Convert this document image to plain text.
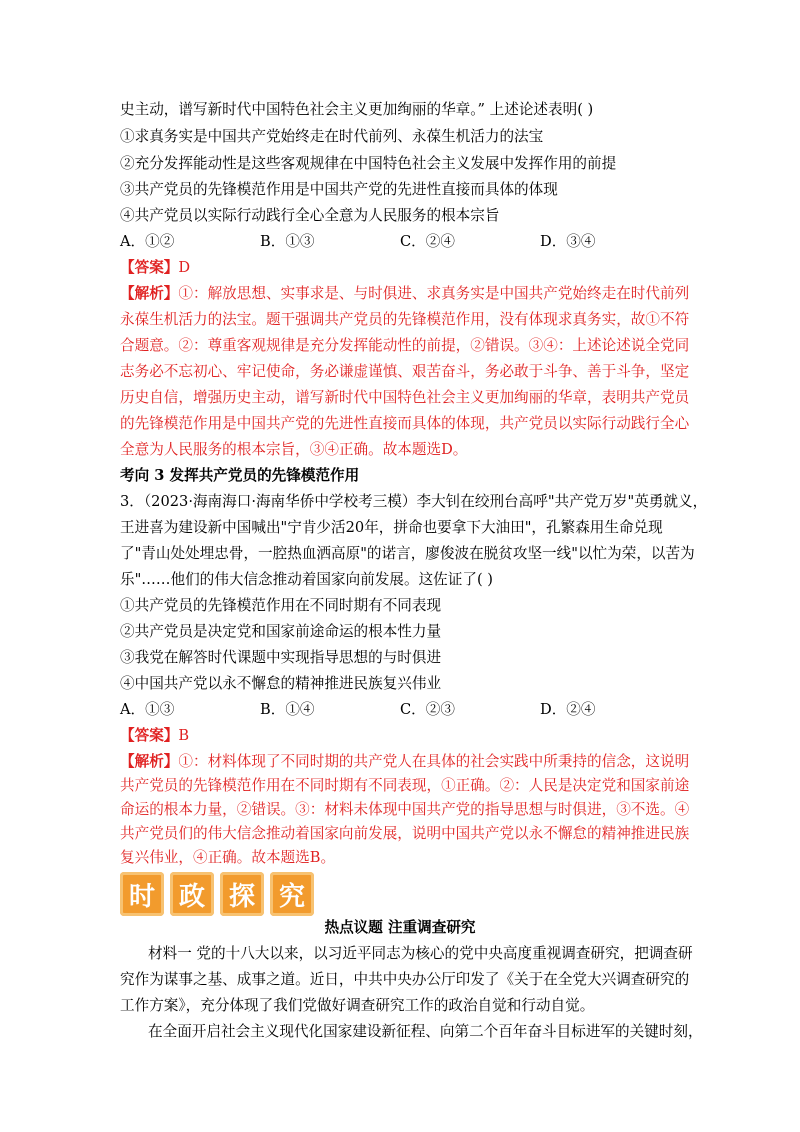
史主动，谱写新时代中国特色社会主义更加绚丽的华章。” 上述论述表明( )
①求真务实是中国共产党始终走在时代前列、永葆生机活力的法宝
②充分发挥能动性是这些客观规律在中国特色社会主义发展中发挥作用的前提
③共产党员的先锋模范作用是中国共产党的先进性直接而具体的体现
④共产党员以实际行动践行全心全意为人民服务的根本宗旨
A．①②	B．①③	C．②④	D．③④
【答案】D
【解析】①：解放思想、实事求是、与时俱进、求真务实是中国共产党始终走在时代前列
永葆生机活力的法宝。题干强调共产党员的先锋模范作用，没有体现求真务实，故①不符
合题意。②：尊重客观规律是充分发挥能动性的前提，②错误。③④：上述论述说全党同
志务必不忘初心、牢记使命，务必谦虚谨慎、艰苦奋斗，务必敢于斗争、善于斗争，坚定
历史自信，增强历史主动，谱写新时代中国特色社会主义更加绚丽的华章，表明共产党员
的先锋模范作用是中国共产党的先进性直接而具体的体现，共产党员以实际行动践行全心
全意为人民服务的根本宗旨，③④正确。故本题选D。
考向 3 发挥共产党员的先锋模范作用
3．（2023·海南海口·海南华侨中学校考三模）李大钊在绞刑台高呼"共产党万岁"英勇就义，
王进喜为建设新中国喊出"宁肯少活20年，拼命也要拿下大油田"，孔繁森用生命兑现
了"青山处处埋忠骨，一腔热血洒高原"的诺言，廖俊波在脱贫攻坚一线"以忙为荣，以苦为
乐"……他们的伟大信念推动着国家向前发展。这佐证了( )
①共产党员的先锋模范作用在不同时期有不同表现
②共产党员是决定党和国家前途命运的根本性力量
③我党在解答时代课题中实现指导思想的与时俱进
④中国共产党以永不懈怠的精神推进民族复兴伟业
A．①③	B．①④	C．②③	D．②④
【答案】B
【解析】①：材料体现了不同时期的共产党人在具体的社会实践中所秉持的信念，这说明
共产党员的先锋模范作用在不同时期有不同表现，①正确。②：人民是决定党和国家前途
命运的根本力量，②错误。③：材料未体现中国共产党的指导思想与时俱进，③不选。④
共产党员们的伟大信念推动着国家向前发展，说明中国共产党以永不懈怠的精神推进民族
时 政 探 究
热点议题 注重调查研究
材料一 党的十八大以来，以习近平同志为核心的党中央高度重视调查研究，把调查研
究作为谋事之基、成事之道。近日，中共中央办公厅印发了《关于在全党大兴调查研究的
工作方案》，充分体现了我们党做好调查研究工作的政治自觉和行动自觉。
在全面开启社会主义现代化国家建设新征程、向第二个百年奋斗目标进军的关键时刻，
复兴伟业，④正确。故本题选B。
